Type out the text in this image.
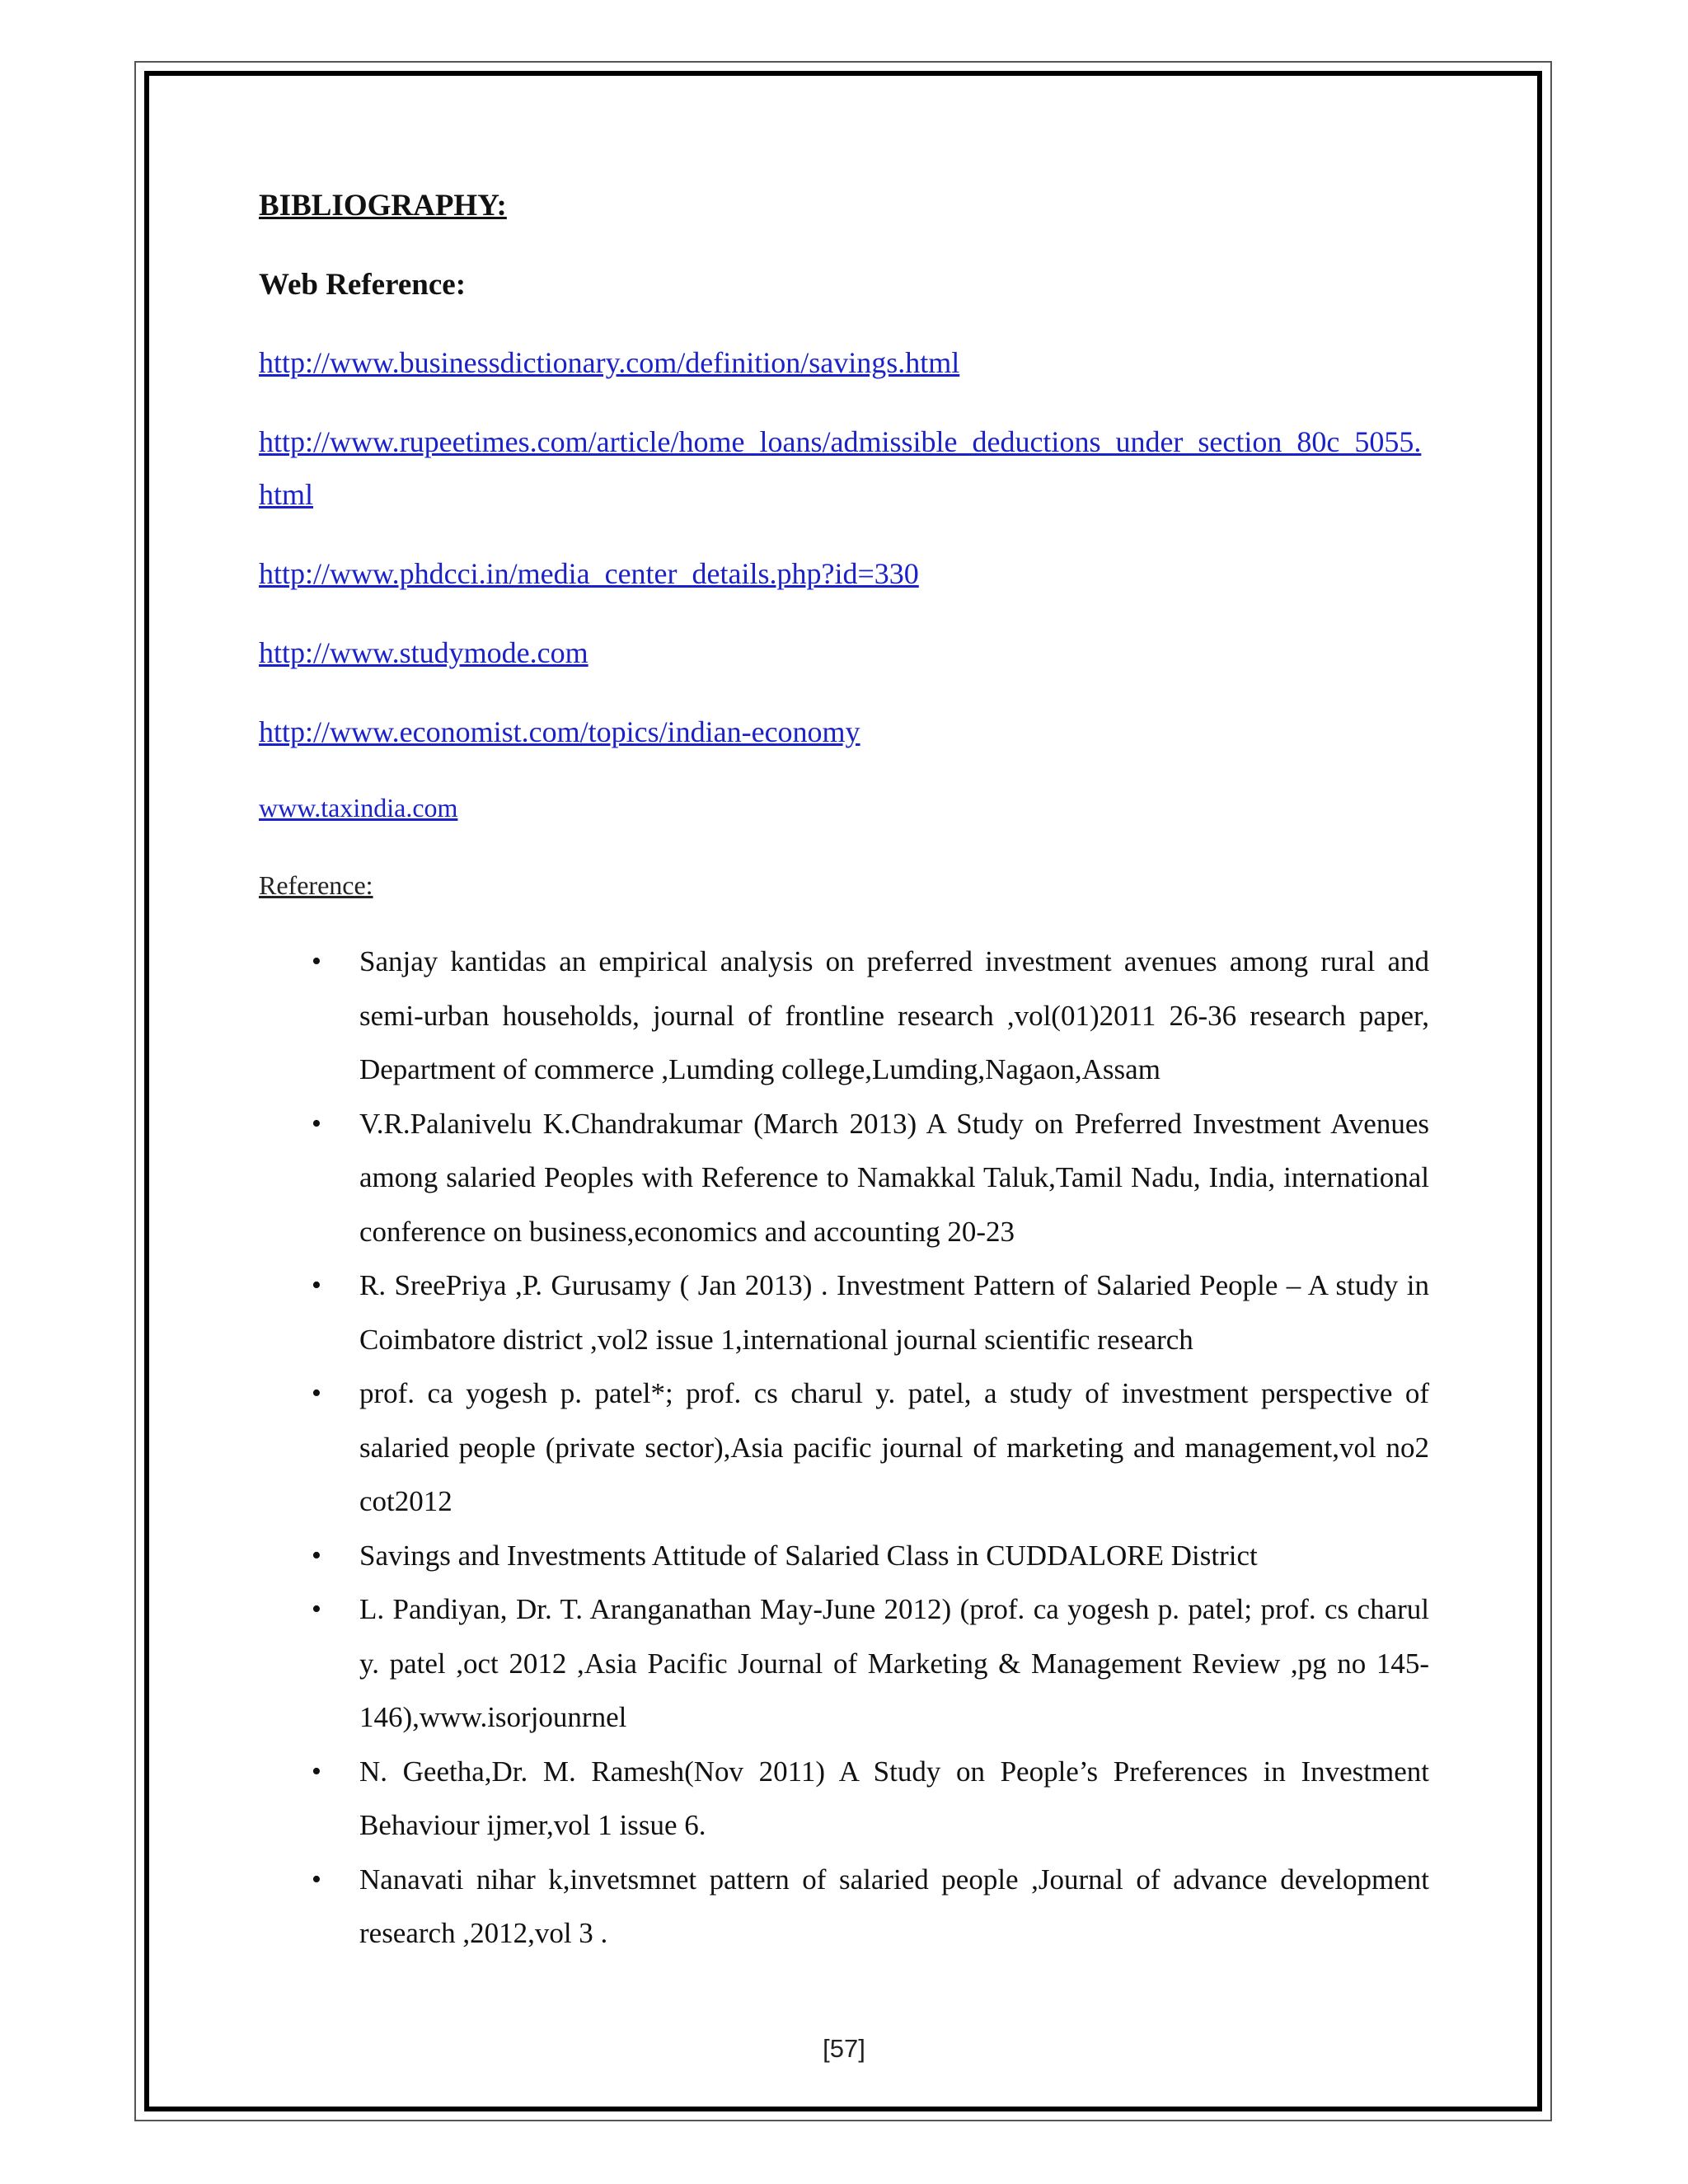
BIBLIOGRAPHY:
Web Reference:
http://www.businessdictionary.com/definition/savings.html
http://www.rupeetimes.com/article/home_loans/admissible_deductions_under_section_80c_5055.html
http://www.phdcci.in/media_center_details.php?id=330
http://www.studymode.com
http://www.economist.com/topics/indian-economy
www.taxindia.com
Reference:
• Sanjay kantidas an empirical analysis on preferred investment avenues among rural and semi-urban households, journal of frontline research ,vol(01)2011 26-36 research paper, Department of commerce ,Lumding college,Lumding,Nagaon,Assam
• V.R.Palanivelu K.Chandrakumar (March 2013) A Study on Preferred Investment Avenues among salaried Peoples with Reference to Namakkal Taluk,Tamil Nadu, India, international conference on business,economics and accounting 20-23
• R. SreePriya ,P. Gurusamy ( Jan 2013) . Investment Pattern of Salaried People – A study in Coimbatore district ,vol2 issue 1,international journal scientific research
• prof. ca yogesh p. patel*; prof. cs charul y. patel, a study of investment perspective of salaried people (private sector),Asia pacific journal of marketing and management,vol no2 cot2012
• Savings and Investments Attitude of Salaried Class in CUDDALORE District
• L. Pandiyan, Dr. T. Aranganathan May-June 2012) (prof. ca yogesh p. patel; prof. cs charul y. patel ,oct 2012 ,Asia Pacific Journal of Marketing & Management Review ,pg no 145-146),www.isorjounrnel
• N. Geetha,Dr. M. Ramesh(Nov 2011) A Study on People’s Preferences in Investment Behaviour ijmer,vol 1 issue 6.
• Nanavati nihar k,invetsmnet pattern of salaried people ,Journal of advance development research ,2012,vol 3 .
[57]
